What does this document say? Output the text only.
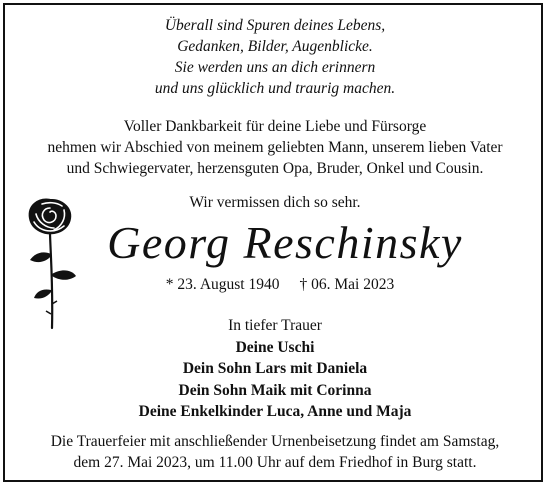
Überall sind Spuren deines Lebens,
Gedanken, Bilder, Augenblicke.
Sie werden uns an dich erinnern
und uns glücklich und traurig machen.
Voller Dankbarkeit für deine Liebe und Fürsorge
nehmen wir Abschied von meinem geliebten Mann, unserem lieben Vater
und Schwiegervater, herzensguten Opa, Bruder, Onkel und Cousin.
Wir vermissen dich so sehr.
Georg Reschinsky
* 23. August 1940 † 06. Mai 2023
In tiefer Trauer
Deine Uschi
Dein Sohn Lars mit Daniela
Dein Sohn Maik mit Corinna
Deine Enkelkinder Luca, Anne und Maja
Die Trauerfeier mit anschließender Urnenbeisetzung findet am Samstag,
dem 27. Mai 2023, um 11.00 Uhr auf dem Friedhof in Burg statt.
